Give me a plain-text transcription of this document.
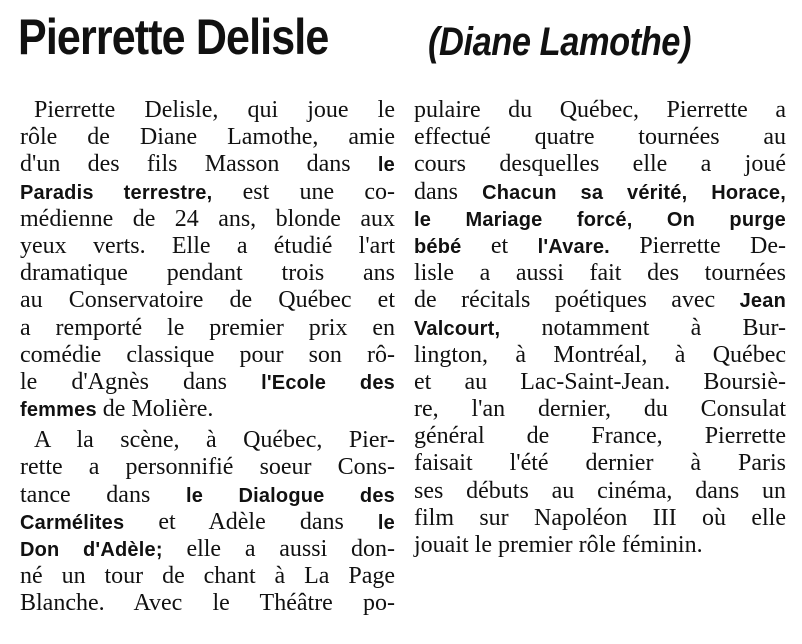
Pierrette Delisle (Diane Lamothe)
Pierrette Delisle, qui joue le
rôle de Diane Lamothe, amie
d'un des fils Masson dans le
Paradis terrestre, est une co-
médienne de 24 ans, blonde aux
yeux verts. Elle a étudié l'art
dramatique pendant trois ans
au Conservatoire de Québec et
a remporté le premier prix en
comédie classique pour son rô-
le d'Agnès dans l'Ecole des
femmes de Molière.
A la scène, à Québec, Pier-
rette a personnifié soeur Cons-
tance dans le Dialogue des
Carmélites et Adèle dans le
Don d'Adèle; elle a aussi don-
né un tour de chant à La Page
Blanche. Avec le Théâtre po-
pulaire du Québec, Pierrette a
effectué quatre tournées au
cours desquelles elle a joué
dans Chacun sa vérité, Horace,
le Mariage forcé, On purge
bébé et l'Avare. Pierrette De-
lisle a aussi fait des tournées
de récitals poétiques avec Jean
Valcourt, notamment à Bur-
lington, à Montréal, à Québec
et au Lac-Saint-Jean. Boursiè-
re, l'an dernier, du Consulat
général de France, Pierrette
faisait l'été dernier à Paris
ses débuts au cinéma, dans un
film sur Napoléon III où elle
jouait le premier rôle féminin.
